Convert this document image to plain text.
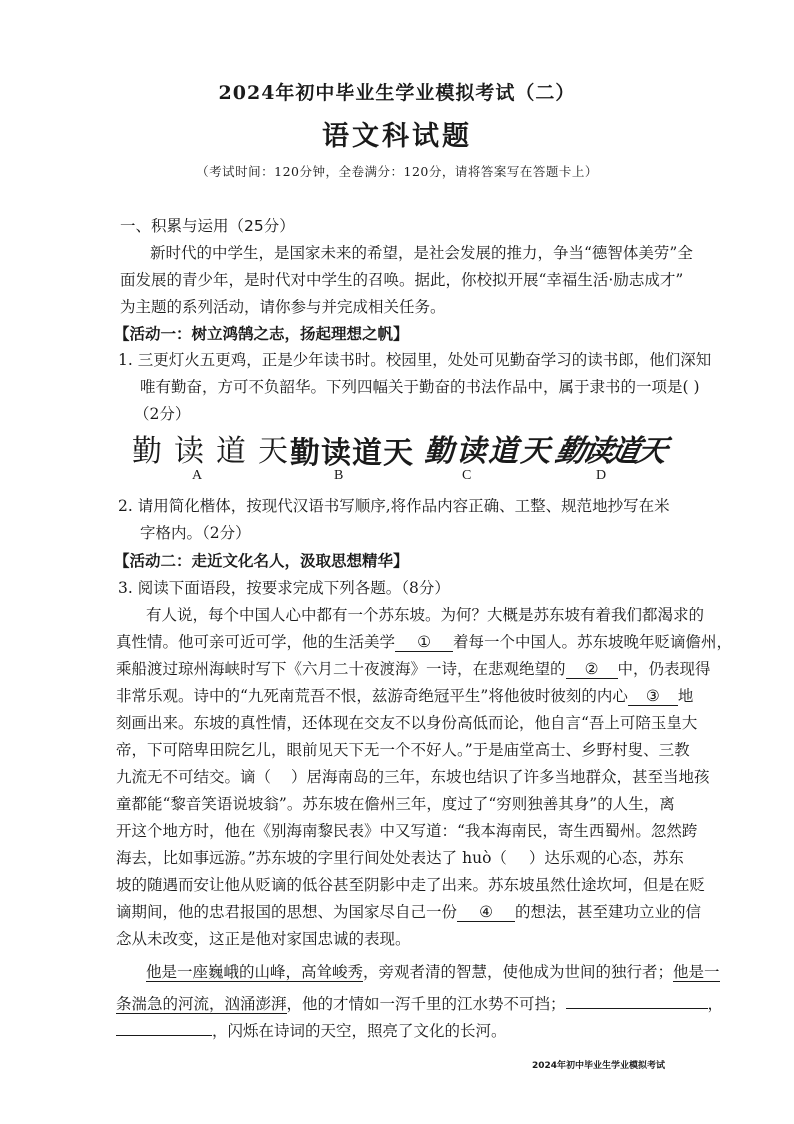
2024年初中毕业生学业模拟考试（二）
语文科试题
（考试时间：120分钟，全卷满分：120分，请将答案写在答题卡上）
一、积累与运用（25分）
新时代的中学生，是国家未来的希望，是社会发展的推力，争当“德智体美劳”全
面发展的青少年，是时代对中学生的召唤。据此，你校拟开展“幸福生活·励志成才”
为主题的系列活动，请你参与并完成相关任务。
【活动一：树立鸿鹄之志，扬起理想之帆】
1. 三更灯火五更鸡，正是少年读书时。校园里，处处可见勤奋学习的读书郎，他们深知
唯有勤奋，方可不负韶华。下列四幅关于勤奋的书法作品中，属于隶书的一项是( )
（2分）
勤读道天
勤读道天 勤读道天 勤读道天
A	B	C	D
2. 请用简化楷体，按现代汉语书写顺序,将作品内容正确、工整、规范地抄写在米
字格内。（2分）
【活动二：走近文化名人，汲取思想精华】
3. 阅读下面语段，按要求完成下列各题。（8分）
有人说，每个中国人心中都有一个苏东坡。为何？大概是苏东坡有着我们都渴求的
真性情。他可亲可近可学，他的生活美学 ① 着每一个中国人。苏东坡晚年贬谪儋州，
乘船渡过琼州海峡时写下《六月二十夜渡海》一诗，在悲观绝望的 ② 中，仍表现得
非常乐观。诗中的“九死南荒吾不恨，兹游奇绝冠平生”将他彼时彼刻的内心 ③ 地
刻画出来。东坡的真性情，还体现在交友不以身份高低而论，他自言“吾上可陪玉皇大
帝，下可陪卑田院乞儿，眼前见天下无一个不好人。”于是庙堂高士、乡野村叟、三教
九流无不可结交。谪（ ）居海南岛的三年，东坡也结识了许多当地群众，甚至当地孩
童都能“黎音笑语说坡翁”。苏东坡在儋州三年，度过了“穷则独善其身”的人生，离
开这个地方时，他在《别海南黎民表》中又写道：“我本海南民，寄生西蜀州。忽然跨
海去，比如事远游。”苏东坡的字里行间处处表达了 huò（ ）达乐观的心态，苏东
坡的随遇而安让他从贬谪的低谷甚至阴影中走了出来。苏东坡虽然仕途坎坷，但是在贬
谪期间，他的忠君报国的思想、为国家尽自己一份 ④ 的想法，甚至建功立业的信
念从未改变，这正是他对家国忠诚的表现。
他是一座巍峨的山峰，高耸峻秀，旁观者清的智慧，使他成为世间的独行者；他是一
条湍急的河流，汹涌澎湃，他的才情如一泻千里的江水势不可挡；	，
，闪烁在诗词的天空，照亮了文化的长河。
2024年初中毕业生学业模拟考试
